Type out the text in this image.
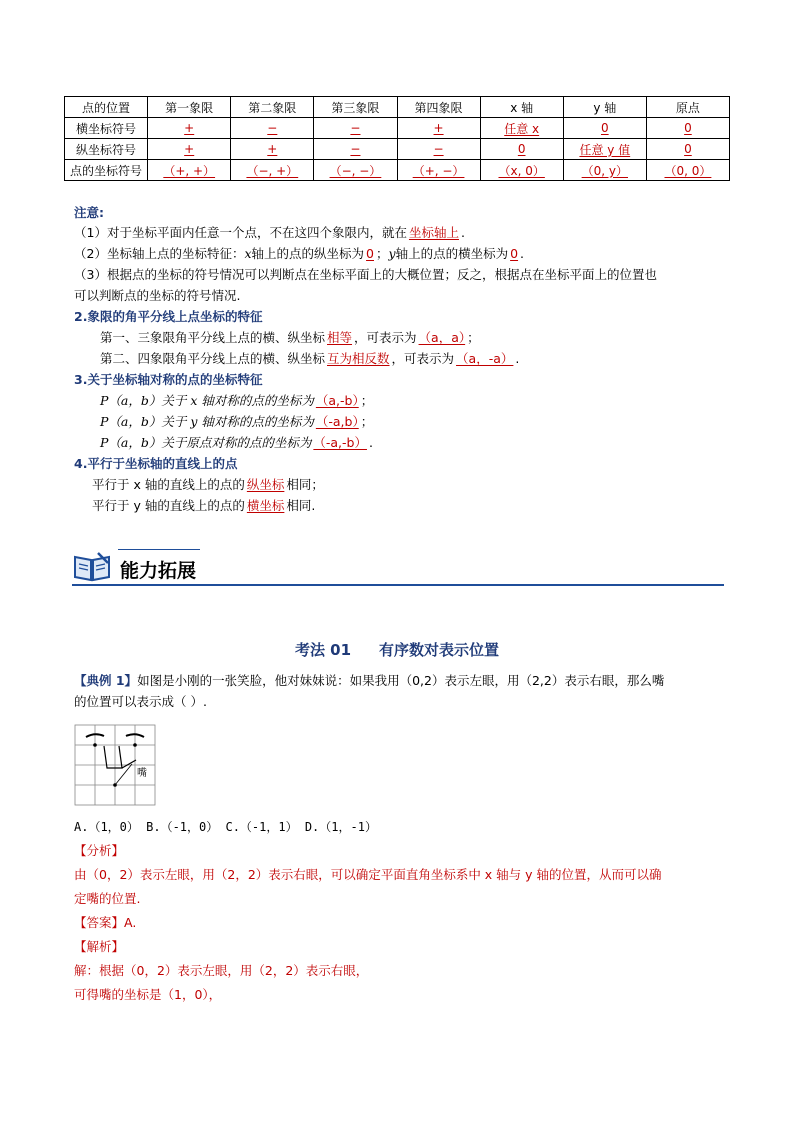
点的位置	第一象限	第二象限	第三象限	第四象限	x 轴	y 轴	原点
横坐标符号	+	−	−	+	任意 x	0	0
纵坐标符号	+	+	−	−	0	任意 y 值	0
点的坐标符号	（+, +）	（−, +）	（−, −）	（+, −）	（x, 0）	（0, y）	（0, 0）
注意:
（1）对于坐标平面内任意一个点，不在这四个象限内，就在 坐标轴上 .
（2）坐标轴上点的坐标特征：x轴上的点的纵坐标为 0 ；y轴上的点的横坐标为 0 .
（3）根据点的坐标的符号情况可以判断点在坐标平面上的大概位置；反之，根据点在坐标平面上的位置也
可以判断点的坐标的符号情况.
2.象限的角平分线上点坐标的特征
第一、三象限角平分线上点的横、纵坐标 相等 ，可表示为 （a，a） ；
第二、四象限角平分线上点的横、纵坐标 互为相反数 ，可表示为 （a，-a） .
3.关于坐标轴对称的点的坐标特征
P（a，b）关于 x 轴对称的点的坐标为 （a,-b） ；
P（a，b）关于 y 轴对称的点的坐标为 （-a,b） ；
P（a，b）关于原点对称的点的坐标为 （-a,-b） .
4.平行于坐标轴的直线上的点
平行于 x 轴的直线上的点的 纵坐标 相同；
平行于 y 轴的直线上的点的 横坐标 相同.
能力拓展
考法 01 有序数对表示位置
【典例 1】如图是小刚的一张笑脸，他对妹妹说：如果我用（0,2）表示左眼，用（2,2）表示右眼，那么嘴
的位置可以表示成（ ）.
嘴
A.（1，0） B.（-1，0） C.（-1，1） D.（1，-1）
【分析】
由（0，2）表示左眼，用（2，2）表示右眼，可以确定平面直角坐标系中 x 轴与 y 轴的位置，从而可以确
定嘴的位置.
【答案】A.
【解析】
解：根据（0，2）表示左眼，用（2，2）表示右眼，
可得嘴的坐标是（1，0），
